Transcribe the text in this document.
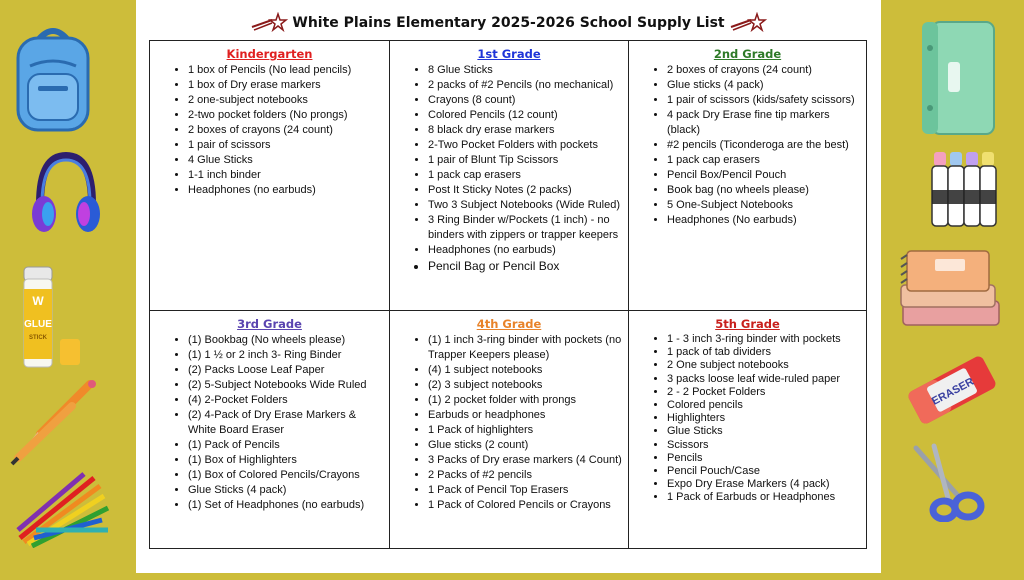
White Plains Elementary 2025-2026 School Supply List
Kindergarten
• 1 box of Pencils (No lead pencils)
• 1 box of Dry erase markers
• 2 one-subject notebooks
• 2-two pocket folders (No prongs)
• 2 boxes of crayons (24 count)
• 1 pair of scissors
• 4 Glue Sticks
• 1-1 inch binder
• Headphones (no earbuds)
1st Grade
• 8 Glue Sticks
• 2 packs of #2 Pencils (no mechanical)
• Crayons (8 count)
• Colored Pencils (12 count)
• 8 black dry erase markers
• 2-Two Pocket Folders with pockets
• 1 pair of Blunt Tip Scissors
• 1 pack cap erasers
• Post It Sticky Notes (2 packs)
• Two 3 Subject Notebooks (Wide Ruled)
• 3 Ring Binder w/Pockets (1 inch) - no binders with zippers or trapper keepers
• Headphones (no earbuds)
• Pencil Bag or Pencil Box
2nd Grade
• 2 boxes of crayons (24 count)
• Glue sticks (4 pack)
• 1 pair of scissors (kids/safety scissors)
• 4 pack Dry Erase fine tip markers (black)
• #2 pencils (Ticonderoga are the best)
• 1 pack cap erasers
• Pencil Box/Pencil Pouch
• Book bag (no wheels please)
• 5 One-Subject Notebooks
• Headphones (No earbuds)
3rd Grade
• (1) Bookbag (No wheels please)
• (1) 1 ½ or 2 inch 3- Ring Binder
• (2) Packs Loose Leaf Paper
• (2) 5-Subject Notebooks Wide Ruled
• (4) 2-Pocket Folders
• (2) 4-Pack of Dry Erase Markers & White Board Eraser
• (1) Pack of Pencils
• (1) Box of Highlighters
• (1) Box of Colored Pencils/Crayons
• Glue Sticks (4 pack)
• (1) Set of Headphones (no earbuds)
4th Grade
• (1) 1 inch 3-ring binder with pockets (no Trapper Keepers please)
• (4) 1 subject notebooks
• (2) 3 subject notebooks
• (1) 2 pocket folder with prongs
• Earbuds or headphones
• 1 Pack of highlighters
• Glue sticks (2 count)
• 3 Packs of Dry erase markers (4 Count)
• 2 Packs of #2 pencils
• 1 Pack of Pencil Top Erasers
• 1 Pack of Colored Pencils or Crayons
5th Grade
• 1 - 3 inch 3-ring binder with pockets
• 1 pack of tab dividers
• 2 One subject notebooks
• 3 packs loose leaf wide-ruled paper
• 2 - 2 Pocket Folders
• Colored pencils
• Highlighters
• Glue Sticks
• Scissors
• Pencils
• Pencil Pouch/Case
• Expo Dry Erase Markers (4 pack)
• 1 Pack of Earbuds or Headphones
W
GLUE
STICK
ERASER
